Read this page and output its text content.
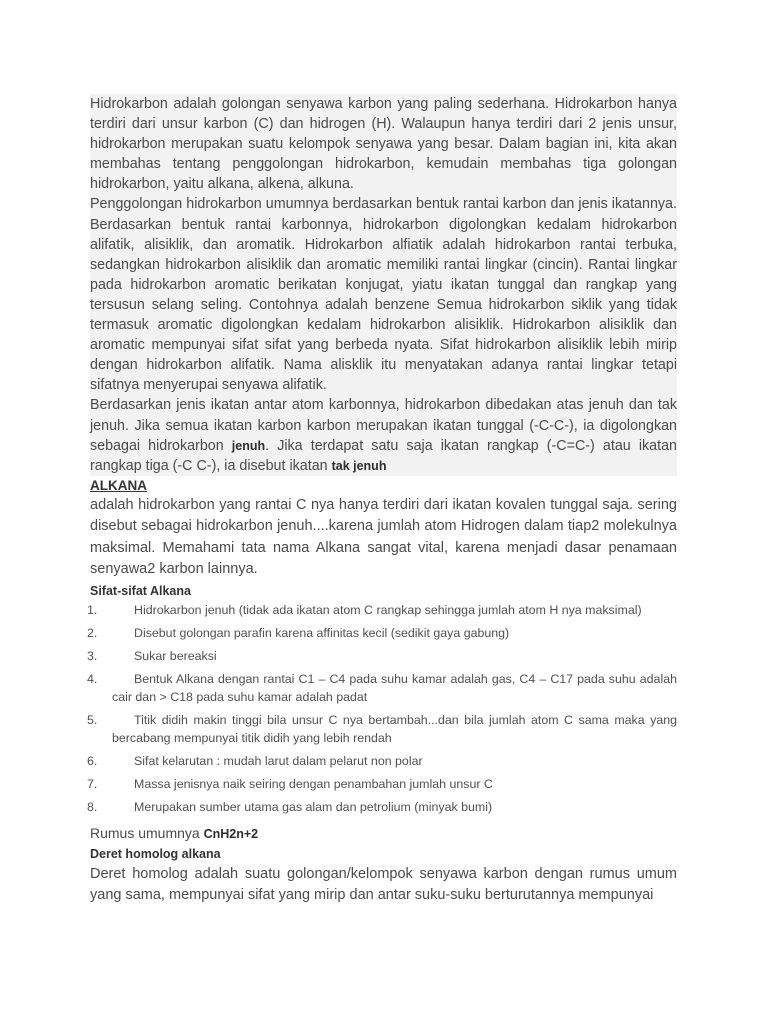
Hidrokarbon adalah golongan senyawa karbon yang paling sederhana. Hidrokarbon hanya terdiri dari unsur karbon (C) dan hidrogen (H). Walaupun hanya terdiri dari 2 jenis unsur, hidrokarbon merupakan suatu kelompok senyawa yang besar. Dalam bagian ini, kita akan membahas tentang penggolongan hidrokarbon, kemudain membahas tiga golongan hidrokarbon, yaitu alkana, alkena, alkuna.

Penggolongan hidrokarbon umumnya berdasarkan bentuk rantai karbon dan jenis ikatannya. Berdasarkan bentuk rantai karbonnya, hidrokarbon digolongkan kedalam hidrokarbon alifatik, alisiklik, dan aromatik. Hidrokarbon alfiatik adalah hidrokarbon rantai terbuka, sedangkan hidrokarbon alisiklik dan aromatic memiliki rantai lingkar (cincin). Rantai lingkar pada hidrokarbon aromatic berikatan konjugat, yiatu ikatan tunggal dan rangkap yang tersusun selang seling. Contohnya adalah benzene Semua hidrokarbon siklik yang tidak termasuk aromatic digolongkan kedalam hidrokarbon alisiklik. Hidrokarbon alisiklik dan aromatic mempunyai sifat sifat yang berbeda nyata. Sifat hidrokarbon alisiklik lebih mirip dengan hidrokarbon alifatik. Nama alisklik itu menyatakan adanya rantai lingkar tetapi sifatnya menyerupai senyawa alifatik.

Berdasarkan jenis ikatan antar atom karbonnya, hidrokarbon dibedakan atas jenuh dan tak jenuh. Jika semua ikatan karbon karbon merupakan ikatan tunggal (-C-C-), ia digolongkan sebagai hidrokarbon jenuh. Jika terdapat satu saja ikatan rangkap (-C=C-) atau ikatan rangkap tiga (-C C-), ia disebut ikatan tak jenuh

ALKANA

adalah hidrokarbon yang rantai C nya hanya terdiri dari ikatan kovalen tunggal saja. sering disebut sebagai hidrokarbon jenuh....karena jumlah atom Hidrogen dalam tiap2 molekulnya maksimal. Memahami tata nama Alkana sangat vital, karena menjadi dasar penamaan senyawa2 karbon lainnya.

Sifat-sifat Alkana

1.	Hidrokarbon jenuh (tidak ada ikatan atom C rangkap sehingga jumlah atom H nya maksimal)
2.	Disebut golongan parafin karena affinitas kecil (sedikit gaya gabung)
3.	Sukar bereaksi
4.	Bentuk Alkana dengan rantai C1 – C4 pada suhu kamar adalah gas, C4 – C17 pada suhu adalah cair dan > C18 pada suhu kamar adalah padat
5.	Titik didih makin tinggi bila unsur C nya bertambah...dan bila jumlah atom C sama maka yang bercabang mempunyai titik didih yang lebih rendah
6.	Sifat kelarutan : mudah larut dalam pelarut non polar
7.	Massa jenisnya naik seiring dengan penambahan jumlah unsur C
8.	Merupakan sumber utama gas alam dan petrolium (minyak bumi)

Rumus umumnya CnH2n+2

Deret homolog alkana

Deret homolog adalah suatu golongan/kelompok senyawa karbon dengan rumus umum yang sama, mempunyai sifat yang mirip dan antar suku-suku berturutannya mempunyai
